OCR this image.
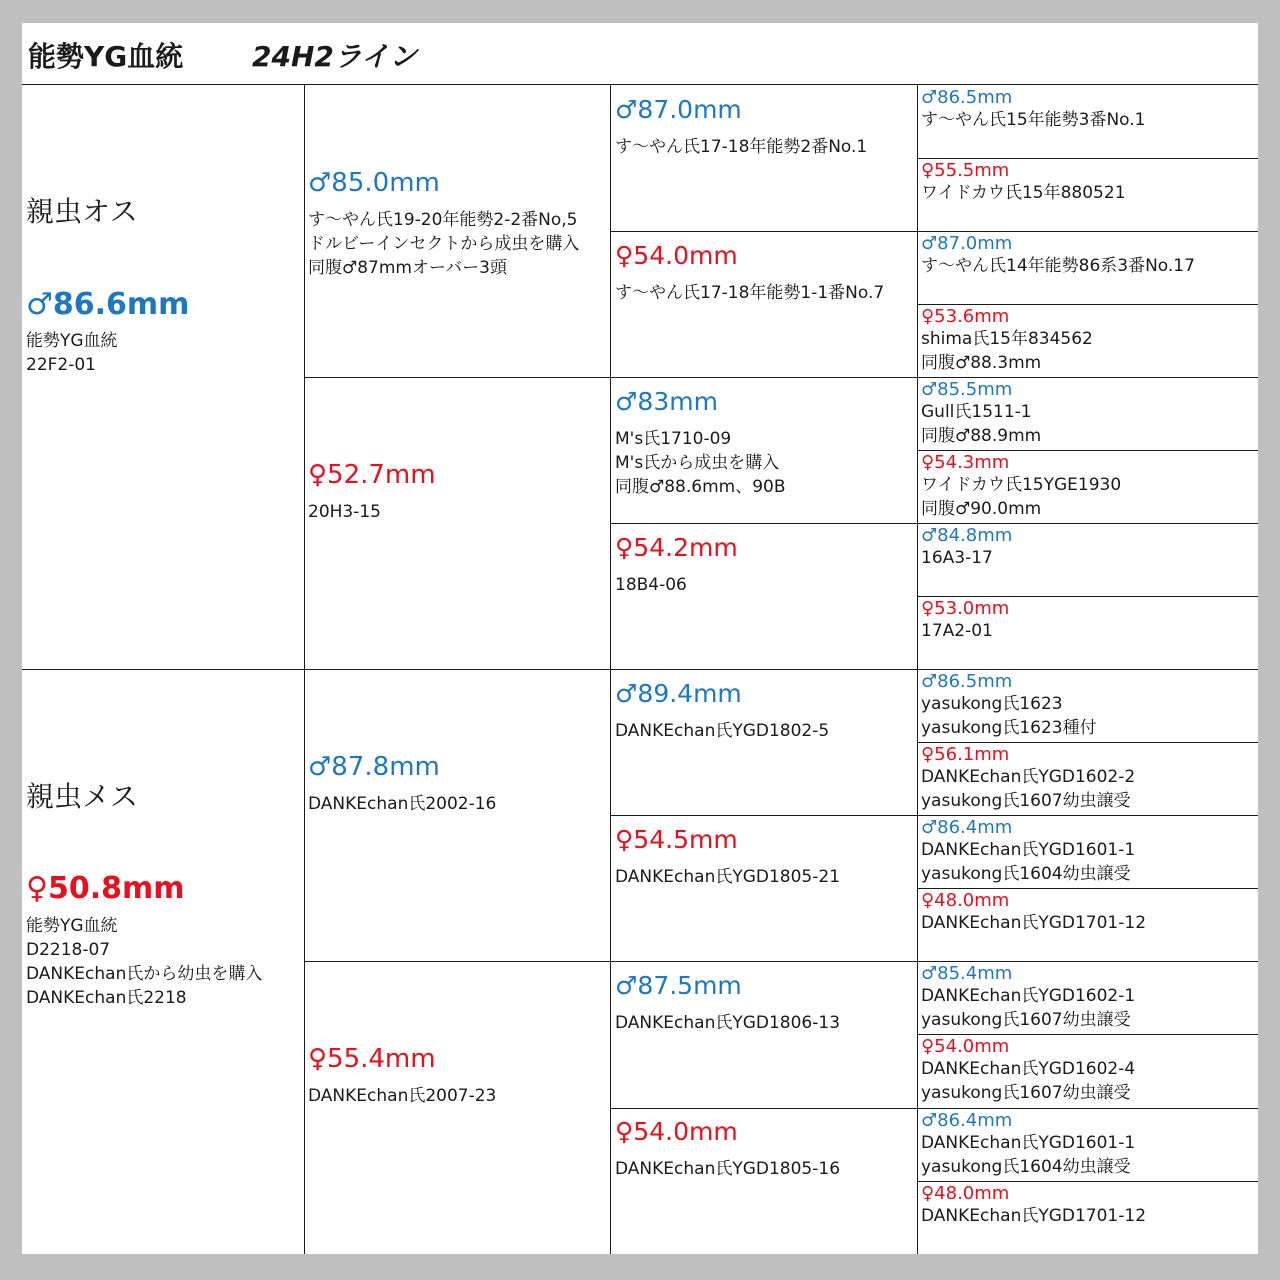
能勢YG血統 24H2ライン
親虫オス
♂86.6mm
能勢YG血統
22F2-01
親虫メス
♀50.8mm
能勢YG血統
D2218-07
DANKEchan氏から幼虫を購入
DANKEchan氏2218
♂85.0mm
す〜やん氏19-20年能勢2-2番No,5
ドルビーインセクトから成虫を購入
同腹♂87mmオーバー3頭
♀52.7mm
20H3-15
♂87.8mm
DANKEchan氏2002-16
♀55.4mm
DANKEchan氏2007-23
♂87.0mm
す〜やん氏17-18年能勢2番No.1
♀54.0mm
す〜やん氏17-18年能勢1-1番No.7
♂83mm
M's氏1710-09
M's氏から成虫を購入
同腹♂88.6mm、90B
♀54.2mm
18B4-06
♂89.4mm
DANKEchan氏YGD1802-5
♀54.5mm
DANKEchan氏YGD1805-21
♂87.5mm
DANKEchan氏YGD1806-13
♀54.0mm
DANKEchan氏YGD1805-16
♂86.5mm
す〜やん氏15年能勢3番No.1
♀55.5mm
ワイドカウ氏15年880521
♂87.0mm
す〜やん氏14年能勢86系3番No.17
♀53.6mm
shima氏15年834562
同腹♂88.3mm
♂85.5mm
Gull氏1511-1
同腹♂88.9mm
♀54.3mm
ワイドカウ氏15YGE1930
同腹♂90.0mm
♂84.8mm
16A3-17
♀53.0mm
17A2-01
♂86.5mm
yasukong氏1623
yasukong氏1623種付
♀56.1mm
DANKEchan氏YGD1602-2
yasukong氏1607幼虫譲受
♂86.4mm
DANKEchan氏YGD1601-1
yasukong氏1604幼虫譲受
♀48.0mm
DANKEchan氏YGD1701-12
♂85.4mm
DANKEchan氏YGD1602-1
yasukong氏1607幼虫譲受
♀54.0mm
DANKEchan氏YGD1602-4
yasukong氏1607幼虫譲受
♂86.4mm
DANKEchan氏YGD1601-1
yasukong氏1604幼虫譲受
♀48.0mm
DANKEchan氏YGD1701-12
